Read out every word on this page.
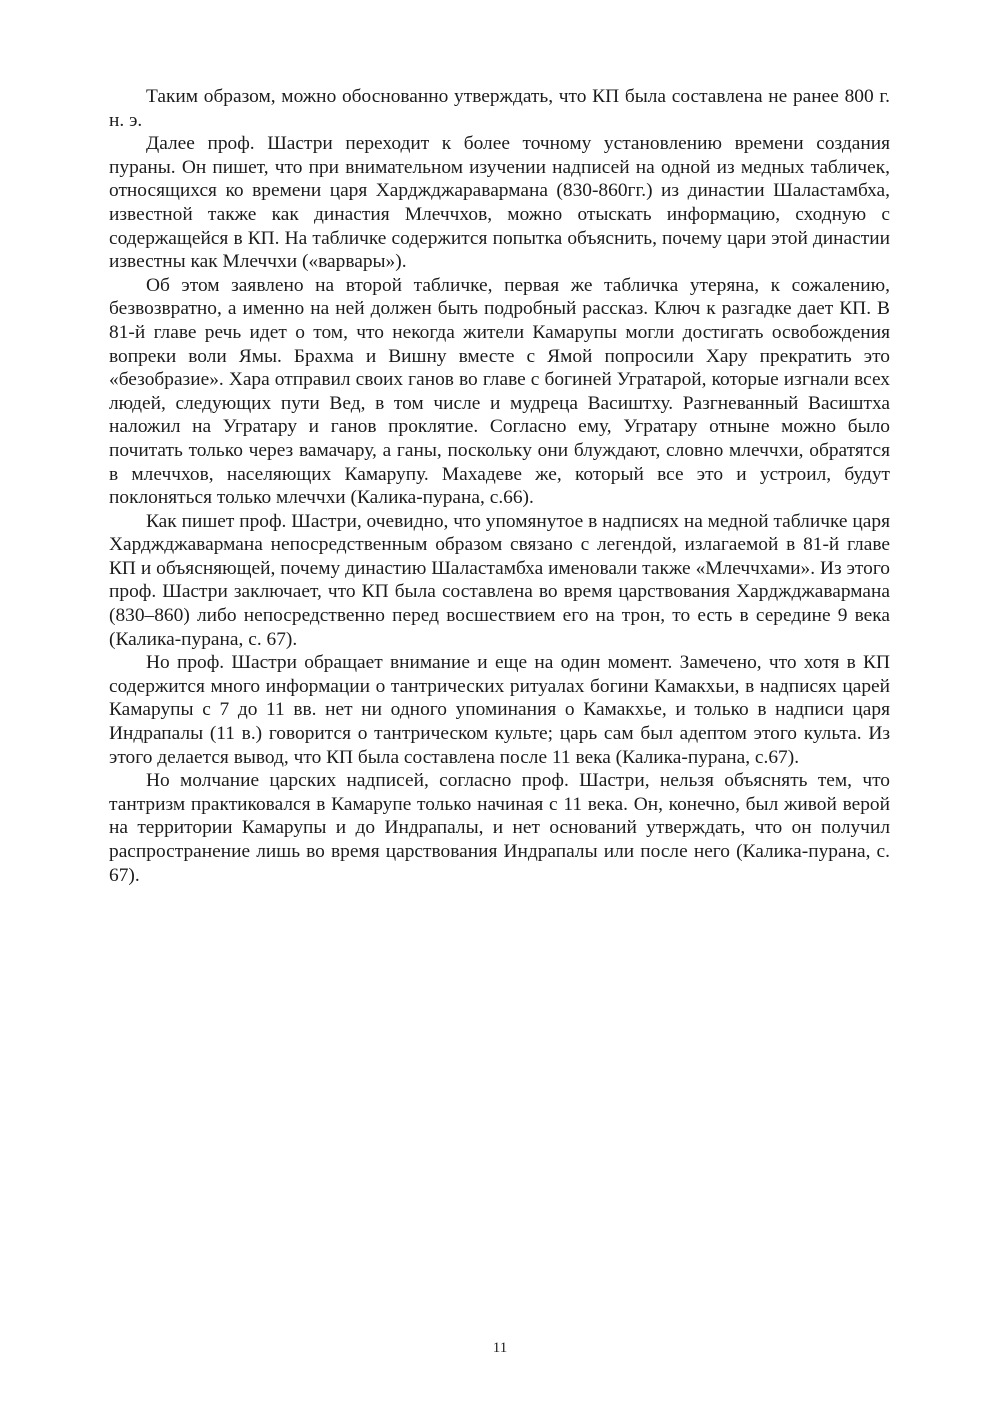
Таким образом, можно обоснованно утверждать, что КП была составлена не ранее 800 г. н. э.

Далее проф. Шастри переходит к более точному установлению времени создания пураны. Он пишет, что при внимательном изучении надписей на одной из медных табличек, относящихся ко времени царя Харджджараварманa (830-860гг.) из династии Шаластамбха, известной также как династия Млеччхов, можно отыскать информацию, сходную с содержащейся в КП. На табличке содержится попытка объяснить, почему цари этой династии известны как Млеччхи («варвары»).

Об этом заявлено на второй табличке, первая же табличка утеряна, к сожалению, безвозвратно, а именно на ней должен быть подробный рассказ. Ключ к разгадке дает КП. В 81-й главе речь идет о том, что некогда жители Камарупы могли достигать освобождения вопреки воли Ямы. Брахма и Вишну вместе с Ямой попросили Хару прекратить это «безобразие». Хара отправил своих ганов во главе с богиней Угратарой, которые изгнали всех людей, следующих пути Вед, в том числе и мудреца Васиштху. Разгневанный Васиштха наложил на Угратару и ганов проклятие. Согласно ему, Угратару отныне можно было почитать только через вамачару, а ганы, поскольку они блуждают, словно млеччхи, обратятся в млеччхов, населяющих Камарупу. Махадеве же, который все это и устроил, будут поклоняться только млеччхи (Калика-пурана, с.66).

Как пишет проф. Шастри, очевидно, что упомянутое в надписях на медной табличке царя Харджджавармана непосредственным образом связано с легендой, излагаемой в 81-й главе КП и объясняющей, почему династию Шаластамбха именовали также «Млеччхами». Из этого проф. Шастри заключает, что КП была составлена во время царствования Харджджавармана (830–860) либо непосредственно перед восшествием его на трон, то есть в середине 9 века (Калика-пурана, с. 67).

Но проф. Шастри обращает внимание и еще на один момент. Замечено, что хотя в КП содержится много информации о тантрических ритуалах богини Камакхьи, в надписях царей Камарупы с 7 до 11 вв. нет ни одного упоминания о Камакхье, и только в надписи царя Индрапалы (11 в.) говорится о тантрическом культе; царь сам был адептом этого культа. Из этого делается вывод, что КП была составлена после 11 века (Калика-пурана, с.67).

Но молчание царских надписей, согласно проф. Шастри, нельзя объяснять тем, что тантризм практиковался в Камарупе только начиная с 11 века. Он, конечно, был живой верой на территории Камарупы и до Индрапалы, и нет оснований утверждать, что он получил распространение лишь во время царствования Индрапалы или после него (Калика-пурана, с. 67).

11
